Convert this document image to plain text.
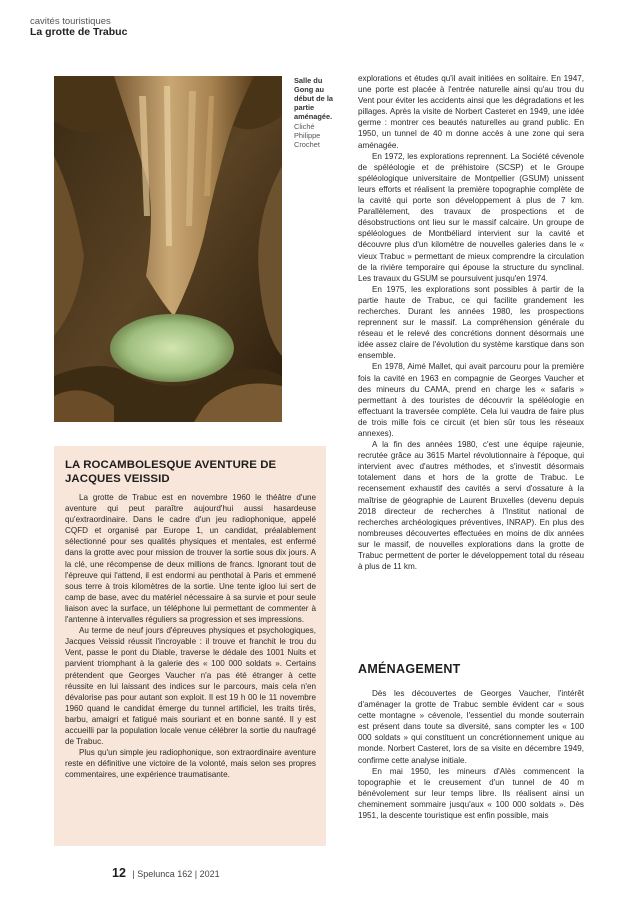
cavités touristiques
La grotte de Trabuc
Salle du Gong au début de la partie aménagée.
Cliché Philippe Crochet
LA ROCAMBOLESQUE AVENTURE DE JACQUES VEISSID

La grotte de Trabuc est en novembre 1960 le théâtre d'une aventure qui peut paraître aujourd'hui aussi hasardeuse qu'extraordinaire. Dans le cadre d'un jeu radiophonique, appelé CQFD et organisé par Europe 1, un candidat, préalablement sélectionné pour ses qualités physiques et mentales, est enfermé dans la grotte avec pour mission de trouver la sortie sous dix jours. A la clé, une récompense de deux millions de francs. Ignorant tout de l'épreuve qui l'attend, il est endormi au penthotal à Paris et emmené sous terre à trois kilomètres de la sortie. Une tente igloo lui sert de camp de base, avec du matériel nécessaire à sa survie et pour seule liaison avec la surface, un téléphone lui permettant de commenter à l'antenne à intervalles réguliers sa progression et ses impressions.

Au terme de neuf jours d'épreuves physiques et psychologiques, Jacques Veissid réussit l'incroyable : il trouve et franchit le trou du Vent, passe le pont du Diable, traverse le dédale des 1001 Nuits et parvient triomphant à la galerie des « 100 000 soldats ». Certains prétendent que Georges Vaucher n'a pas été étranger à cette réussite en lui laissant des indices sur le parcours, mais cela n'en dévalorise pas pour autant son exploit. Il est 19 h 00 le 11 novembre 1960 quand le candidat émerge du tunnel artificiel, les traits tirés, barbu, amaigri et fatigué mais souriant et en bonne santé. Il y est accueilli par la population locale venue célébrer la sortie du naufragé de Trabuc.

Plus qu'un simple jeu radiophonique, son extraordinaire aventure reste en définitive une victoire de la volonté, mais selon ses propres commentaires, une expérience traumatisante.

explorations et études qu'il avait initiées en solitaire. En 1947, une porte est placée à l'entrée naturelle ainsi qu'au trou du Vent pour éviter les accidents ainsi que les dégradations et les pillages. Après la visite de Norbert Casteret en 1949, une idée germe : montrer ces beautés naturelles au grand public. En 1950, un tunnel de 40 m donne accès à une zone qui sera aménagée.

En 1972, les explorations reprennent. La Société cévenole de spéléologie et de préhistoire (SCSP) et le Groupe spéléologique universitaire de Montpellier (GSUM) unissent leurs efforts et réalisent la première topographie complète de la cavité qui porte son développement à plus de 7 km. Parallèlement, des travaux de prospections et de désobstructions ont lieu sur le massif calcaire. Un groupe de spéléologues de Montbéliard intervient sur la cavité et découvre plus d'un kilomètre de nouvelles galeries dans le « vieux Trabuc » permettant de mieux comprendre la circulation de la rivière temporaire qui épouse la structure du synclinal. Les travaux du GSUM se poursuivent jusqu'en 1974.

En 1975, les explorations sont possibles à partir de la partie haute de Trabuc, ce qui facilite grandement les recherches. Durant les années 1980, les prospections reprennent sur le massif. La compréhension générale du réseau et le relevé des concrétions donnent désormais une idée assez claire de l'évolution du système karstique dans son ensemble.

En 1978, Aimé Mallet, qui avait parcouru pour la première fois la cavité en 1963 en compagnie de Georges Vaucher et des mineurs du CAMA, prend en charge les « safaris » permettant à des touristes de découvrir la spéléologie en effectuant la traversée complète. Cela lui vaudra de faire plus de trois mille fois ce circuit (et bien sûr tous les réseaux annexes).

A la fin des années 1980, c'est une équipe rajeunie, recrutée grâce au 3615 Martel révolutionnaire à l'époque, qui intervient avec d'autres méthodes, et s'investit désormais totalement dans et hors de la grotte de Trabuc. Le recensement exhaustif des cavités a servi d'ossature à la maîtrise de géographie de Laurent Bruxelles (devenu depuis 2018 directeur de recherches à l'Institut national de recherches archéologiques préventives, INRAP). En plus des nombreuses découvertes effectuées en moins de dix années sur le massif, de nouvelles explorations dans la grotte de Trabuc permettent de porter le développement total du réseau à plus de 11 km.

AMÉNAGEMENT

Dès les découvertes de Georges Vaucher, l'intérêt d'aménager la grotte de Trabuc semble évident car « sous cette montagne » cévenole, l'essentiel du monde souterrain est présent dans toute sa diversité, sans compter les « 100 000 soldats » qui constituent un concrétionnement unique au monde. Norbert Casteret, lors de sa visite en décembre 1949, confirme cette analyse initiale.

En mai 1950, les mineurs d'Alès commencent la topographie et le creusement d'un tunnel de 40 m bénévolement sur leur temps libre. Ils réalisent ainsi un cheminement sommaire jusqu'aux « 100 000 soldats ». Dès 1951, la descente touristique est enfin possible, mais

12 | Spelunca 162 | 2021
